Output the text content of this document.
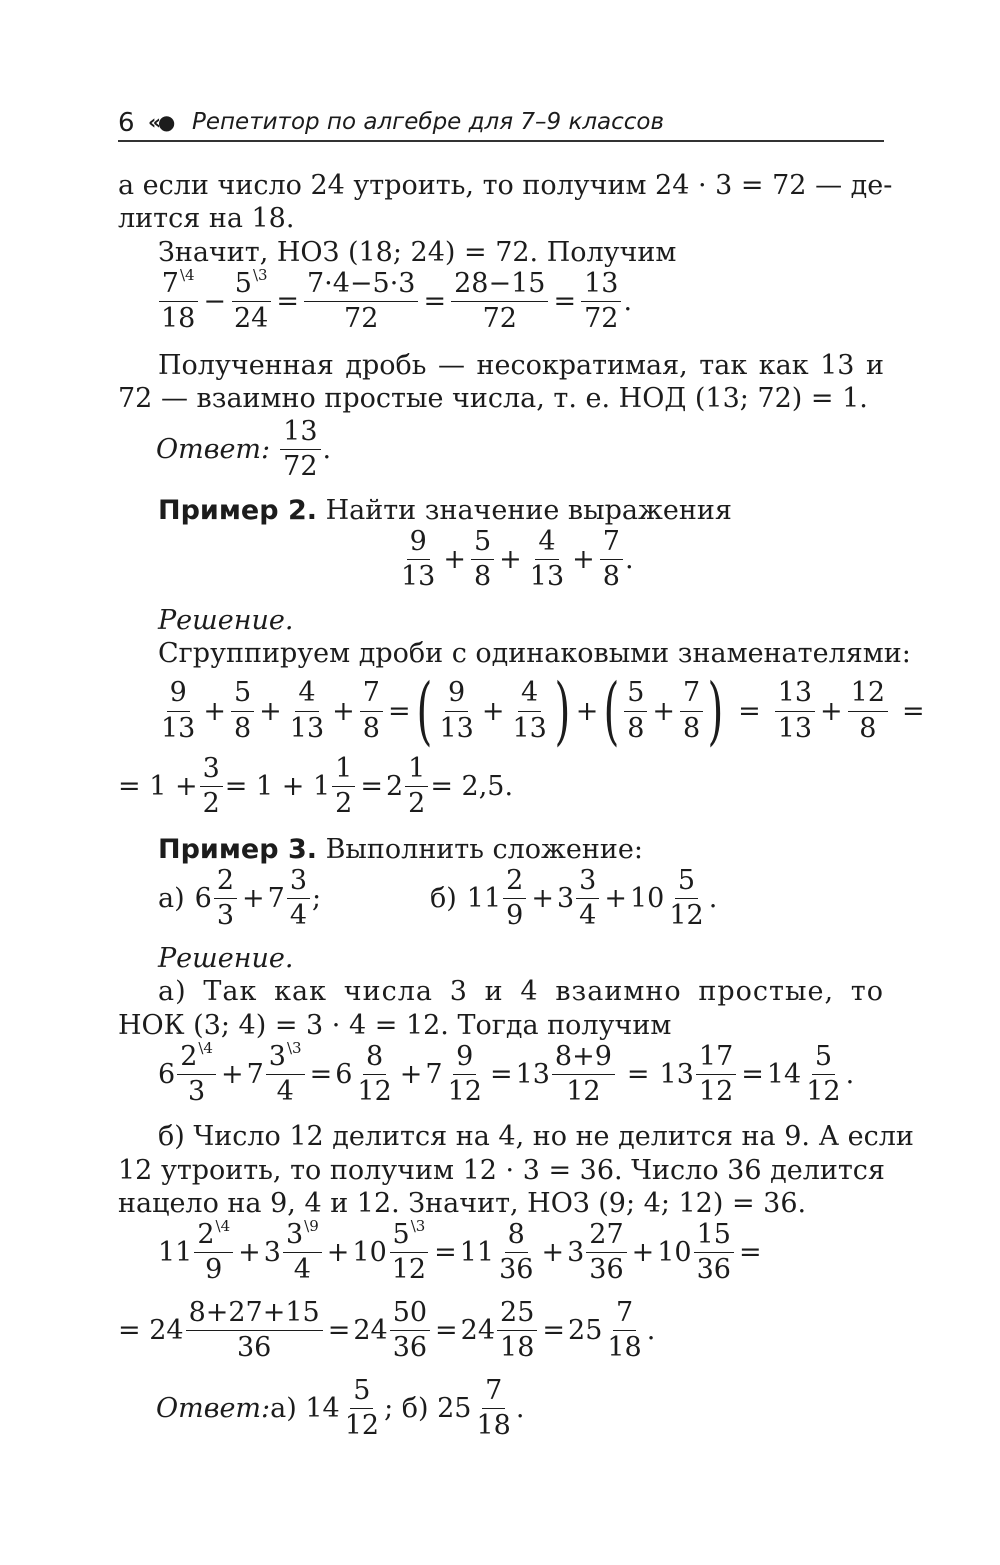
6 «● Репетитор по алгебре для 7–9 классов
а если число 24 утроить, то получим 24 · 3 = 72 — де-
лится на 18.
Значит, НОЗ (18; 24) = 72. Получим
$7^{\backslash 4}$
18
− $\frac{5^{\backslash 3}}{24} = \frac{7\cdot 4-5\cdot 3}{72} = \frac{28-15}{72} = \frac{13}{72}$ .
Полученная дробь — несократимая, так как 13 и
72 — взаимно простые числа, т. е. НОД (13; 72) = 1.
Ответ:
13
72
.
Пример 2. Найти значение выражения
9
13
+ $\frac{5}{8} + \frac{4}{13} + \frac{7}{8}$ .
Решение.
Сгруппируем дроби с одинаковыми знаменателями:
9
13
+ $\frac{5}{8} + \frac{4}{13} + \frac{7}{8}$ = ( 9
13
+ $\frac{4}{13}$ ) + ( 5
8
+ $\frac{7}{8}$ ) = $\frac{13}{13} + \frac{12}{8}$ =
= $1 + \frac{3}{2} = 1 + 1 \frac{1}{2} = 2 \frac{1}{2} = 2,5$.
Пример 3. Выполнить сложение:
а) 6
2
3
+ 7
3
4
;	б) 11
2
9
+ 3
3
4
+ 10
5
12
.
Решение.
а) Так как числа 3 и 4 взаимно простые, то
НОК (3; 4) = 3 · 4 = 12. Тогда получим
6
$2^{\backslash 4}$
3
+ 7
$3^{\backslash 3}$
4
= 6
8
12
+ 7
9
12
= 13
8+9
12
= 13
17
12
= 14
5
12
.
б) Число 12 делится на 4, но не делится на 9. А если
12 утроить, то получим 12 · 3 = 36. Число 36 делится
нацело на 9, 4 и 12. Значит, НОЗ (9; 4; 12) = 36.
11
$2^{\backslash 4}$
9
+ 3
$3^{\backslash 9}$
4
+ 10
$5^{\backslash 3}$
12
= 11
8
36
+ 3
27
36
+ 10
15
36
=
= $24 \frac{8+27+15}{36} = 24$
50
36
= 24
25
18
= 25
7
18
.
Ответ: а) 14
5
12
; б) 25
7
18
.
